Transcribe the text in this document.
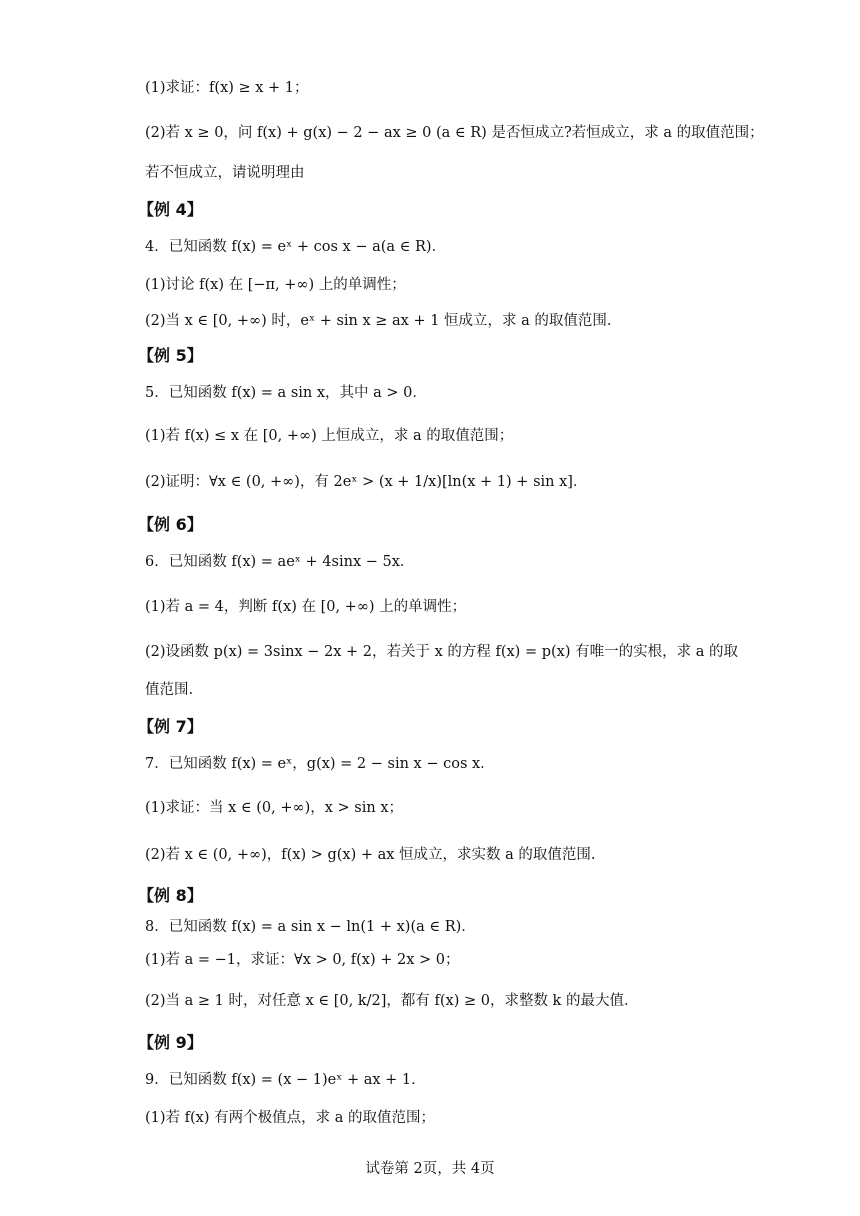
(1)求证：f(x) ≥ x + 1；
(2)若 x ≥ 0，问 f(x) + g(x) − 2 − ax ≥ 0 (a ∈ R) 是否恒成立?若恒成立，求 a 的取值范围；
若不恒成立，请说明理由
【例 4】
4．已知函数 f(x) = eˣ + cos x − a(a ∈ R)．
(1)讨论 f(x) 在 [−π, +∞) 上的单调性；
(2)当 x ∈ [0, +∞) 时，eˣ + sin x ≥ ax + 1 恒成立，求 a 的取值范围．
【例 5】
5．已知函数 f(x) = a sin x，其中 a > 0．
(1)若 f(x) ≤ x 在 [0, +∞) 上恒成立，求 a 的取值范围；
(2)证明：∀x ∈ (0, +∞)，有 2eˣ > (x + 1/x)[ln(x + 1) + sin x]．
【例 6】
6．已知函数 f(x) = aeˣ + 4sinx − 5x．
(1)若 a = 4，判断 f(x) 在 [0, +∞) 上的单调性；
(2)设函数 p(x) = 3sinx − 2x + 2，若关于 x 的方程 f(x) = p(x) 有唯一的实根，求 a 的取
值范围.
【例 7】
7．已知函数 f(x) = eˣ，g(x) = 2 − sin x − cos x．
(1)求证：当 x ∈ (0, +∞)，x > sin x；
(2)若 x ∈ (0, +∞)，f(x) > g(x) + ax 恒成立，求实数 a 的取值范围.
【例 8】
8．已知函数 f(x) = a sin x − ln(1 + x)(a ∈ R)．
(1)若 a = −1，求证：∀x > 0, f(x) + 2x > 0；
(2)当 a ≥ 1 时，对任意 x ∈ [0, k/2]，都有 f(x) ≥ 0，求整数 k 的最大值．
【例 9】
9．已知函数 f(x) = (x − 1)eˣ + ax + 1．
(1)若 f(x) 有两个极值点，求 a 的取值范围；
试卷第 2页，共 4页
